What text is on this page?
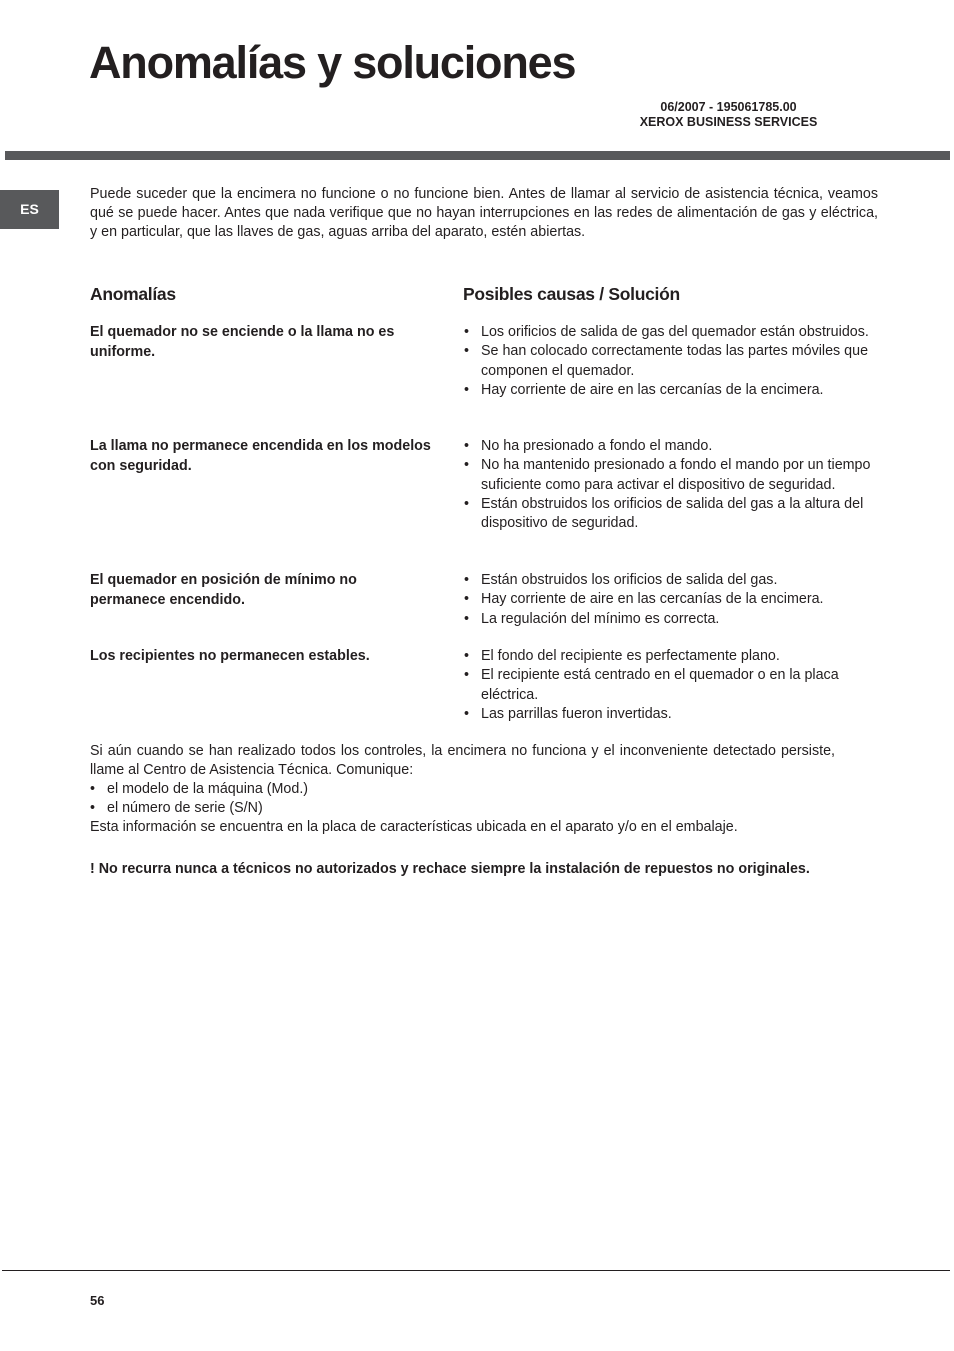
Anomalías y soluciones
06/2007 - 195061785.00
XEROX BUSINESS SERVICES
ES

Puede suceder que la encimera no funcione o no funcione bien. Antes de llamar al servicio de asistencia técnica, veamos qué se puede hacer. Antes que nada verifique que no hayan interrupciones en las redes de alimentación de gas y eléctrica, y en particular, que las llaves de gas, aguas arriba del aparato, estén abiertas.

Anomalías	Posibles causas / Solución

El quemador no se enciende o la llama no es uniforme.

• Los orificios de salida de gas del quemador están obstruidos.
• Se han colocado correctamente todas las partes móviles que componen el quemador.
• Hay corriente de aire en las cercanías de la encimera.

La llama no permanece encendida en los modelos con seguridad.

• No ha presionado a fondo el mando.
• No ha mantenido presionado a fondo el mando por un tiempo suficiente como para activar el dispositivo de seguridad.
• Están obstruidos los orificios de salida del gas a la altura del dispositivo de seguridad.

El quemador en posición de mínimo no permanece encendido.

• Están obstruidos los orificios de salida del gas.
• Hay corriente de aire en las cercanías de la encimera.
• La regulación del mínimo es correcta.

Los recipientes no permanecen estables.

•	El fondo del recipiente es perfectamente plano.
• El recipiente está centrado en el quemador o en la placa eléctrica.
• Las parrillas fueron invertidas.

Si aún cuando se han realizado todos los controles, la encimera no funciona y el inconveniente detectado persiste, llame al Centro de Asistencia Técnica. Comunique:

• el modelo de la máquina (Mod.)
• el número de serie (S/N)

Esta información se encuentra en la placa de características ubicada en el aparato y/o en el embalaje.

! No recurra nunca a técnicos no autorizados y rechace siempre la instalación de repuestos no originales.

56
